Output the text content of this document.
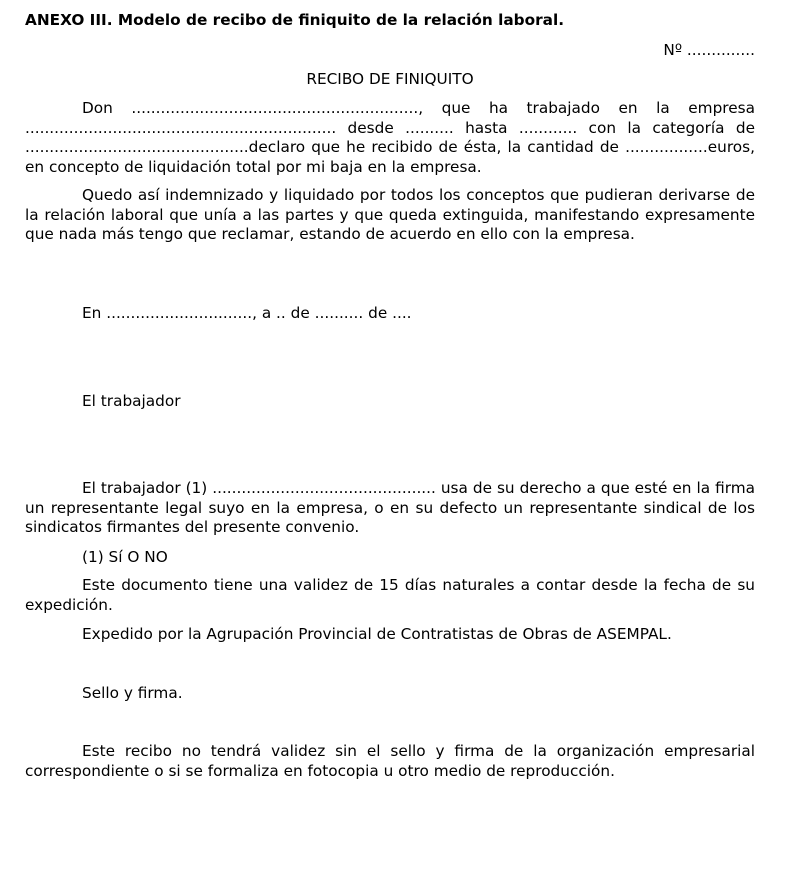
ANEXO III. Modelo de recibo de finiquito de la relación laboral.
Nº ..............
RECIBO DE FINIQUITO

Don ..........................................................., que ha trabajado en la empresa ................................................................ desde .......... hasta ............ con la categoría de ..............................................declaro que he recibido de ésta, la cantidad de .................euros, en concepto de liquidación total por mi baja en la empresa.

Quedo así indemnizado y liquidado por todos los conceptos que pudieran derivarse de la relación laboral que unía a las partes y que queda extinguida, manifestando expresamente que nada más tengo que reclamar, estando de acuerdo en ello con la empresa.

En .............................., a .. de .......... de ....
El trabajador

El trabajador (1) .............................................. usa de su derecho a que esté en la firma un representante legal suyo en la empresa, o en su defecto un representante sindical de los sindicatos firmantes del presente convenio.

(1) Sí O NO

Este documento tiene una validez de 15 días naturales a contar desde la fecha de su expedición.

Expedido por la Agrupación Provincial de Contratistas de Obras de ASEMPAL.

Sello y firma.

Este recibo no tendrá validez sin el sello y firma de la organización empresarial correspondiente o si se formaliza en fotocopia u otro medio de reproducción.
